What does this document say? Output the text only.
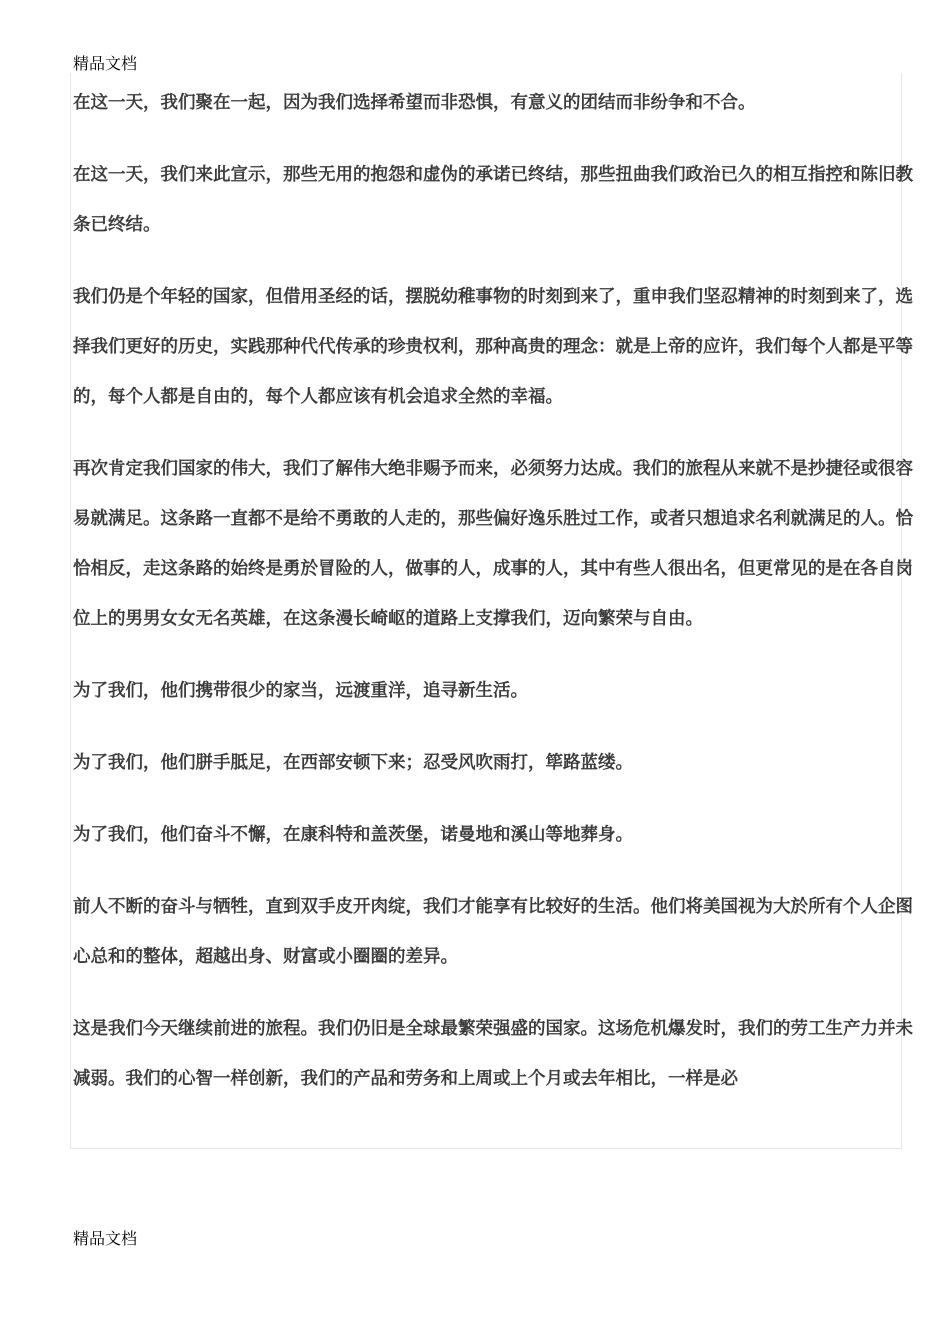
精品文档

在这一天，我们聚在一起，因为我们选择希望而非恐惧，有意义的团结而非纷争和不合。

在这一天，我们来此宣示，那些无用的抱怨和虚伪的承诺已终结，那些扭曲我们政治已久的相互指控和陈旧教条已终结。

我们仍是个年轻的国家，但借用圣经的话，摆脱幼稚事物的时刻到来了，重申我们坚忍精神的时刻到来了，选择我们更好的历史，实践那种代代传承的珍贵权利，那种高贵的理念：就是上帝的应许，我们每个人都是平等的，每个人都是自由的，每个人都应该有机会追求全然的幸福。

再次肯定我们国家的伟大，我们了解伟大绝非赐予而来，必须努力达成。我们的旅程从来就不是抄捷径或很容易就满足。这条路一直都不是给不勇敢的人走的，那些偏好逸乐胜过工作，或者只想追求名利就满足的人。恰恰相反，走这条路的始终是勇於冒险的人，做事的人，成事的人，其中有些人很出名，但更常见的是在各自岗位上的男男女女无名英雄，在这条漫长崎岖的道路上支撑我们，迈向繁荣与自由。

为了我们，他们携带很少的家当，远渡重洋，追寻新生活。

为了我们，他们胼手胝足，在西部安顿下来；忍受风吹雨打，筚路蓝缕。

为了我们，他们奋斗不懈，在康科特和盖茨堡，诺曼地和溪山等地葬身。

前人不断的奋斗与牺牲，直到双手皮开肉绽，我们才能享有比较好的生活。他们将美国视为大於所有个人企图心总和的整体，超越出身、财富或小圈圈的差异。

这是我们今天继续前进的旅程。我们仍旧是全球最繁荣强盛的国家。这场危机爆发时，我们的劳工生产力并未减弱。我们的心智一样创新，我们的产品和劳务和上周或上个月或去年相比，一样是必

精品文档
